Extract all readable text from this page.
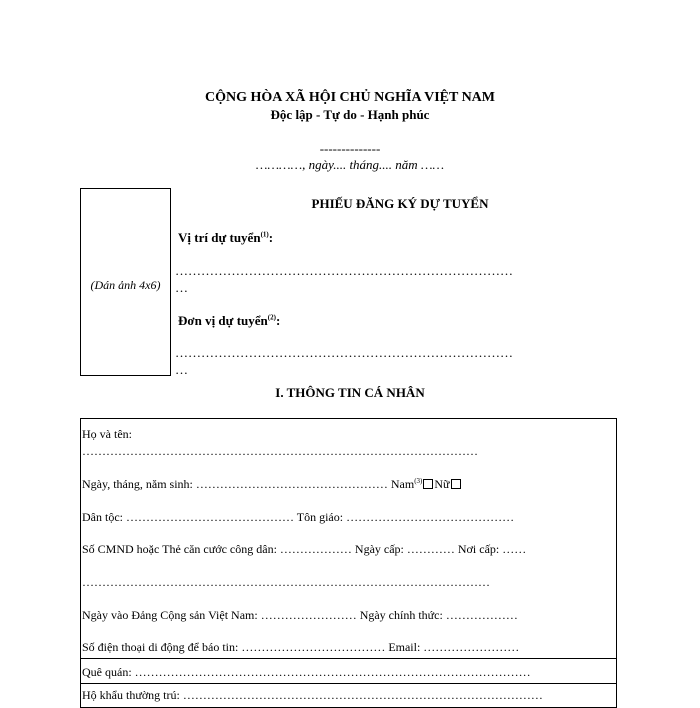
CỘNG HÒA XÃ HỘI CHỦ NGHĨA VIỆT NAM
Độc lập - Tự do - Hạnh phúc
--------------
…………, ngày.... tháng.... năm ……
(Dán ảnh 4x6)
PHIẾU ĐĂNG KÝ DỰ TUYỂN
Vị trí dự tuyển$^{(1)}$:
……………………………………………………………………
…
Đơn vị dự tuyển$^{(2)}$:
……………………………………………………………………
…
I. THÔNG TIN CÁ NHÂN
Họ và tên:
………………………………………………………………………………………
Ngày, tháng, năm sinh: ………………………………………… Nam$^{(3)}$ Nữ
Dân tộc: …………………………………… Tôn giáo: ……………………………………
Số CMND hoặc Thẻ căn cước công dân: ……………… Ngày cấp: ………… Nơi cấp: ……
…………………………………………………………………………………………
Ngày vào Đảng Cộng sản Việt Nam: …………………… Ngày chính thức: ………………
Số điện thoại di động để báo tin: ……………………………… Email: ……………………
Quê quán: ………………………………………………………………………………………
Hộ khẩu thường trú: ………………………………………………………………………………
